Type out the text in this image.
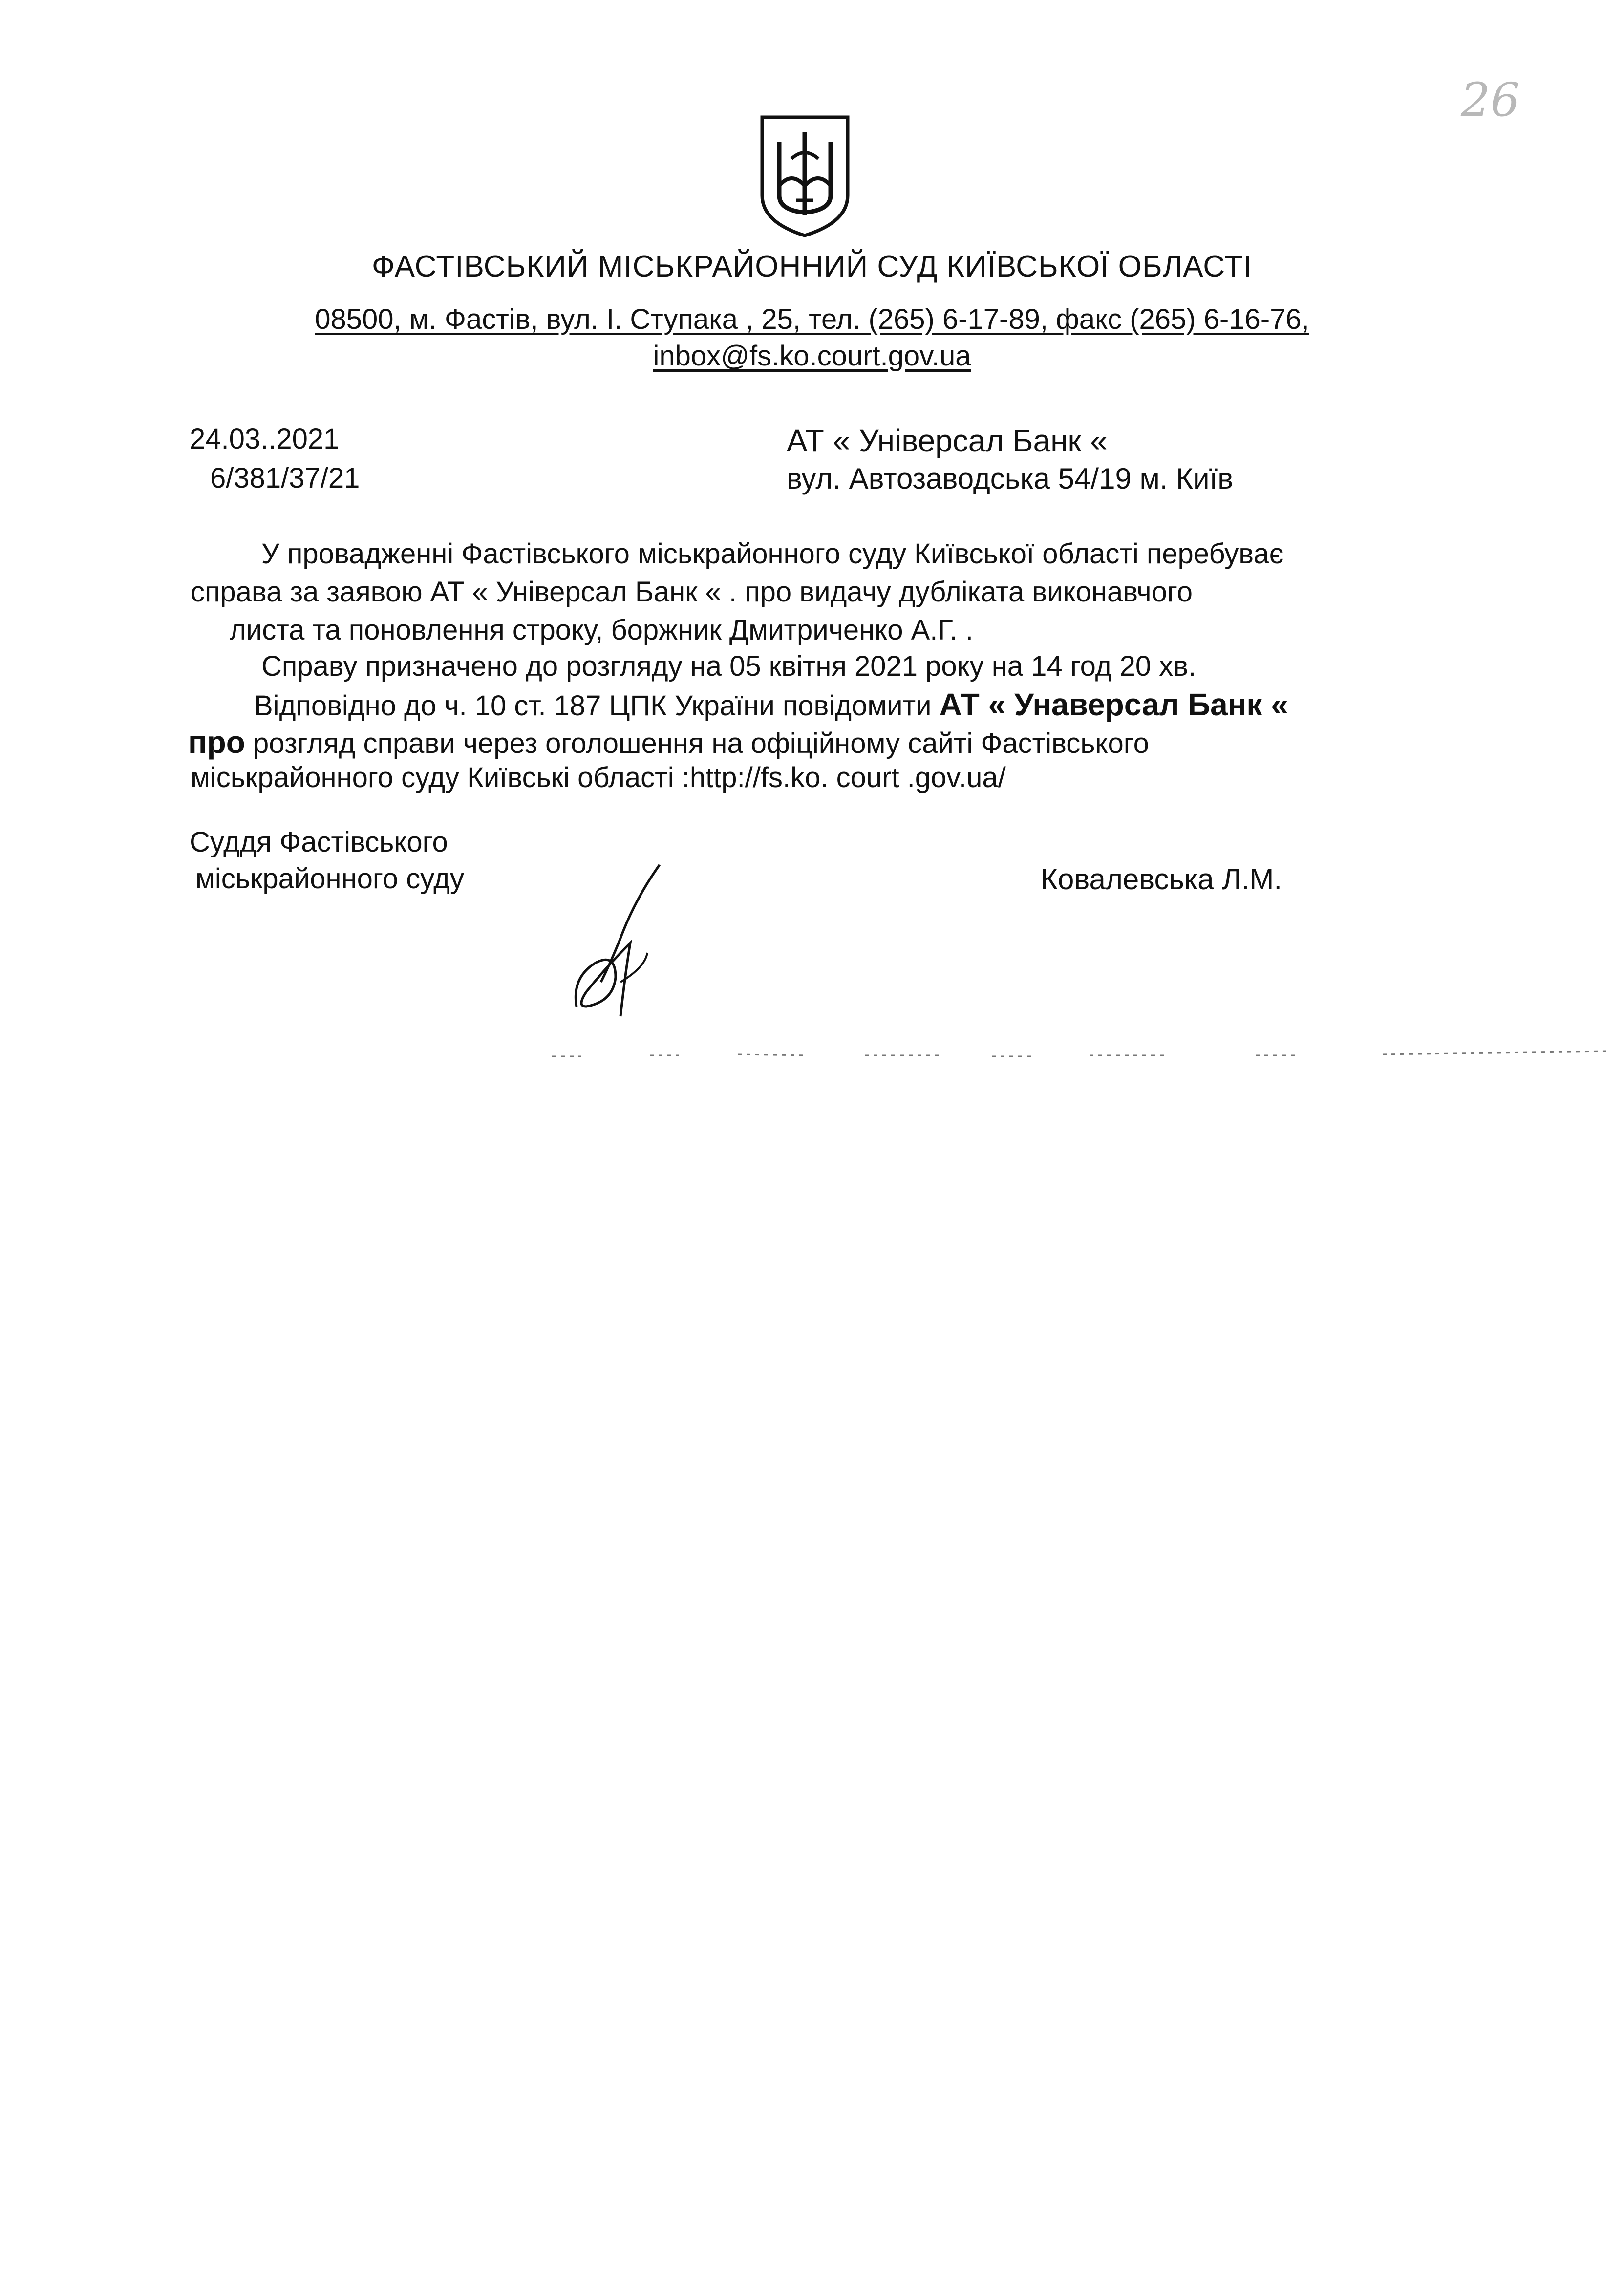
26
ФАСТІВСЬКИЙ МІСЬКРАЙОННИЙ СУД КИЇВСЬКОЇ ОБЛАСТІ
08500, м. Фастів, вул. І. Ступака , 25, тел. (265) 6-17-89, факс (265) 6-16-76,
inbox@fs.ko.court.gov.ua
24.03..2021
6/381/37/21
АТ « Універсал Банк «
вул. Автозаводська 54/19 м. Київ
У провадженні Фастівського міськрайонного суду Київської області перебуває
справа за заявою АТ « Універсал Банк « . про видачу дубліката виконавчого
листа та поновлення строку, боржник Дмитриченко А.Г. .
Справу призначено до розгляду на 05 квітня 2021 року на 14 год 20 хв.
Відповідно до ч. 10 ст. 187 ЦПК України повідомити АТ « Унаверсал Банк «
про розгляд справи через оголошення на офіційному сайті Фастівського
міськрайонного суду Київські області :http://fs.ko. court .gov.ua/
Суддя Фастівського
міськрайонного суду	Ковалевська Л.М.
